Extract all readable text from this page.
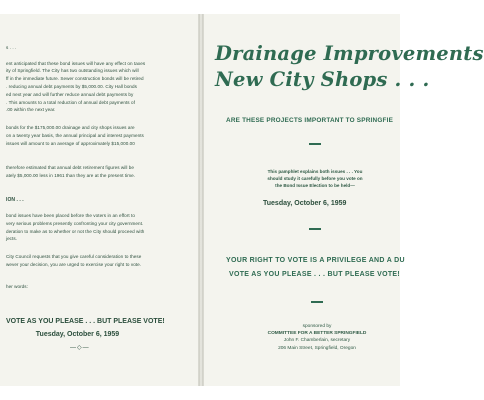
s . . .
ent anticipated that these bond issues will have any effect on taxes
ity of Springfield. The City has two outstanding issues which will
ff in the immediate future. Sewer construction bonds will be retired
. reducing annual debt payments by $5,000.00. City Hall bonds
ed next year and will further reduce annual debt payments by
. This amounts to a total reduction of annual debt payments of
.00 within the next year.
bonds for the $175,000.00 drainage and city shops issues are
on a twenty year basis, the annual principal and interest payments
issues will amount to an average of approximately $15,000.00
therefore estimated that annual debt retirement figures will be
ately $5,000.00 less in 1961 than they are at the present time.
ION . . .
bond issues have been placed before the voters in an effort to
very serious problems presently confronting your city government.
deration to make as to whether or not the City should proceed with
jects.
City Council requests that you give careful consideration to these
wever your decision, you are urged to exercise your right to vote.
her words:
VOTE AS YOU PLEASE . . . BUT PLEASE VOTE!
Tuesday, October 6, 1959
—◇—
Drainage Improvements
New City Shops . . .
ARE THESE PROJECTS IMPORTANT TO SPRINGFIE
This pamphlet explains both issues . . . You
should study it carefully before you vote on
the Bond Issue Election to be held—
Tuesday, October 6, 1959
YOUR RIGHT TO VOTE IS A PRIVILEGE AND A DU
VOTE AS YOU PLEASE . . . BUT PLEASE VOTE!
sponsored by
COMMITTEE FOR A BETTER SPRINGFIELD
John F. Chamberlain, secretary
206 Main Street, Springfield, Oregon
